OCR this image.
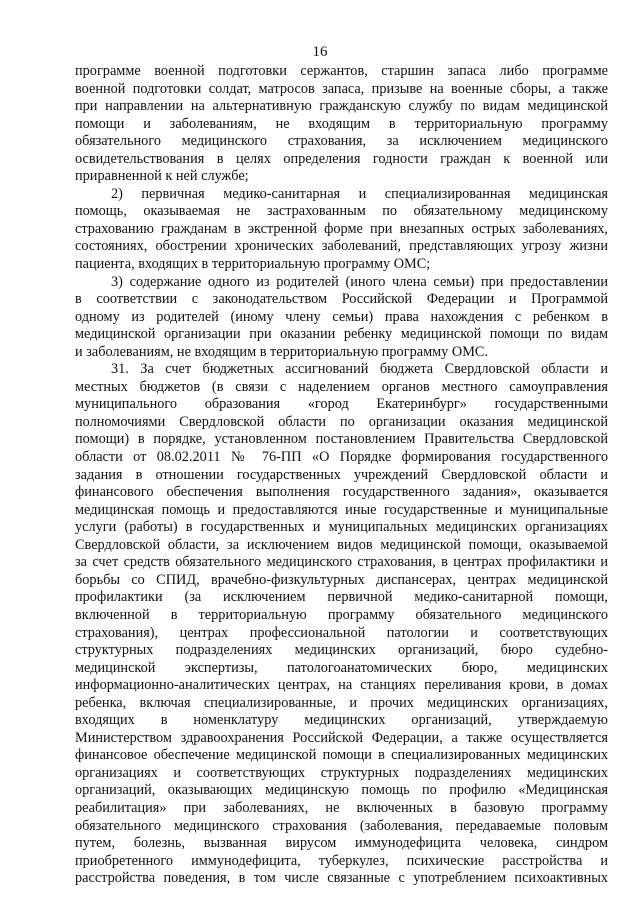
16
программе военной подготовки сержантов, старшин запаса либо программе
военной подготовки солдат, матросов запаса, призыве на военные сборы, а также
при направлении на альтернативную гражданскую службу по видам медицинской
помощи и заболеваниям, не входящим в территориальную программу
обязательного медицинского страхования, за исключением медицинского
освидетельствования в целях определения годности граждан к военной или
приравненной к ней службе;
2) первичная медико-санитарная и специализированная медицинская
помощь, оказываемая не застрахованным по обязательному медицинскому
страхованию гражданам в экстренной форме при внезапных острых заболеваниях,
состояниях, обострении хронических заболеваний, представляющих угрозу жизни
пациента, входящих в территориальную программу ОМС;
3) содержание одного из родителей (иного члена семьи) при предоставлении
в соответствии с законодательством Российской Федерации и Программой
одному из родителей (иному члену семьи) права нахождения с ребенком в
медицинской организации при оказании ребенку медицинской помощи по видам
и заболеваниям, не входящим в территориальную программу ОМС.
31. За счет бюджетных ассигнований бюджета Свердловской области и
местных бюджетов (в связи с наделением органов местного самоуправления
муниципального образования «город Екатеринбург» государственными
полномочиями Свердловской области по организации оказания медицинской
помощи) в порядке, установленном постановлением Правительства Свердловской
области от 08.02.2011 № 76-ПП «О Порядке формирования государственного
задания в отношении государственных учреждений Свердловской области и
финансового обеспечения выполнения государственного задания», оказывается
медицинская помощь и предоставляются иные государственные и муниципальные
услуги (работы) в государственных и муниципальных медицинских организациях
Свердловской области, за исключением видов медицинской помощи, оказываемой
за счет средств обязательного медицинского страхования, в центрах профилактики и
борьбы со СПИД, врачебно-физкультурных диспансерах, центрах медицинской
профилактики (за исключением первичной медико-санитарной помощи,
включенной в территориальную программу обязательного медицинского
страхования), центрах профессиональной патологии и соответствующих
структурных подразделениях медицинских организаций, бюро судебно-
медицинской экспертизы, патологоанатомических бюро, медицинских
информационно-аналитических центрах, на станциях переливания крови, в домах
ребенка, включая специализированные, и прочих медицинских организациях,
входящих в номенклатуру медицинских организаций, утверждаемую
Министерством здравоохранения Российской Федерации, а также осуществляется
финансовое обеспечение медицинской помощи в специализированных медицинских
организациях и соответствующих структурных подразделениях медицинских
организаций, оказывающих медицинскую помощь по профилю «Медицинская
реабилитация» при заболеваниях, не включенных в базовую программу
обязательного медицинского страхования (заболевания, передаваемые половым
путем, болезнь, вызванная вирусом иммунодефицита человека, синдром
приобретенного иммунодефицита, туберкулез, психические расстройства и
расстройства поведения, в том числе связанные с употреблением психоактивных
